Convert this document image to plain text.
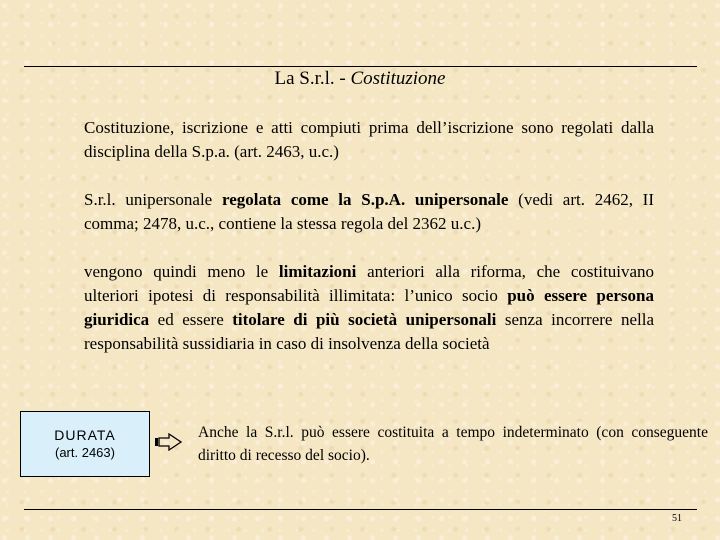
La S.r.l. - Costituzione
Costituzione, iscrizione e atti compiuti prima dell’iscrizione sono regolati dalla disciplina della S.p.a. (art. 2463, u.c.)
S.r.l. unipersonale regolata come la S.p.A. unipersonale (vedi art. 2462, II comma; 2478, u.c., contiene la stessa regola del 2362 u.c.)
vengono quindi meno le limitazioni anteriori alla riforma, che costituivano ulteriori ipotesi di responsabilità illimitata: l’unico socio può essere persona giuridica ed essere titolare di più società unipersonali senza incorrere nella responsabilità sussidiaria in caso di insolvenza della società
DURATA
(art. 2463)
Anche la S.r.l. può essere costituita a tempo indeterminato (con conseguente diritto di recesso del socio).
51
